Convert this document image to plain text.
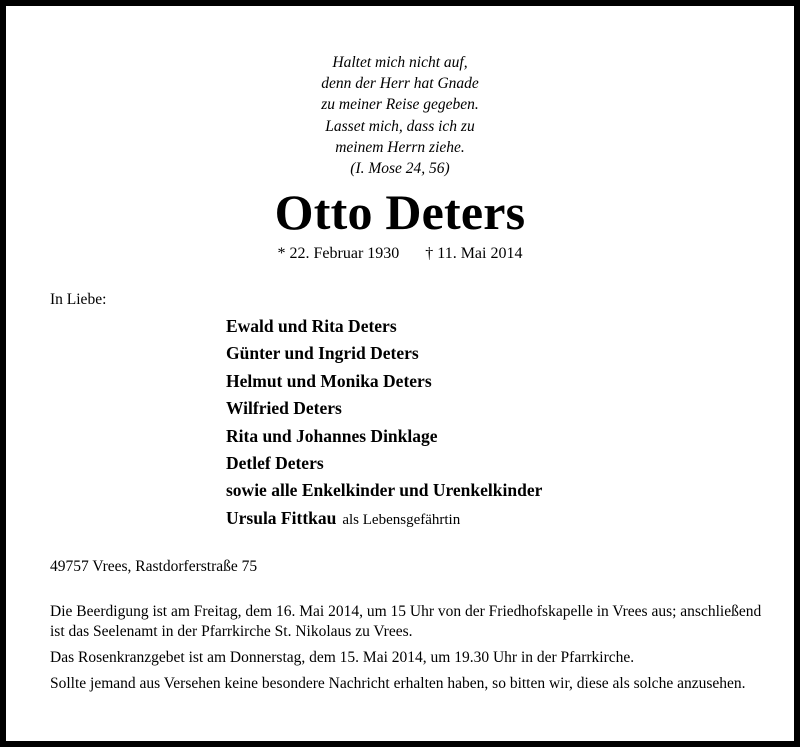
Haltet mich nicht auf,
denn der Herr hat Gnade
zu meiner Reise gegeben.
Lasset mich, dass ich zu
meinem Herrn ziehe.
(I. Mose 24, 56)
Otto Deters
* 22. Februar 1930 † 11. Mai 2014
In Liebe:
Ewald und Rita Deters
Günter und Ingrid Deters
Helmut und Monika Deters
Wilfried Deters
Rita und Johannes Dinklage
Detlef Deters
sowie alle Enkelkinder und Urenkelkinder
Ursula Fittkau als Lebensgefährtin
49757 Vrees, Rastdorferstraße 75

Die Beerdigung ist am Freitag, dem 16. Mai 2014, um 15 Uhr von der Friedhofskapelle in Vrees aus; anschließend ist das Seelenamt in der Pfarrkirche St. Nikolaus zu Vrees.

Das Rosenkranzgebet ist am Donnerstag, dem 15. Mai 2014, um 19.30 Uhr in der Pfarrkirche.

Sollte jemand aus Versehen keine besondere Nachricht erhalten haben, so bitten wir, diese als solche anzusehen.
